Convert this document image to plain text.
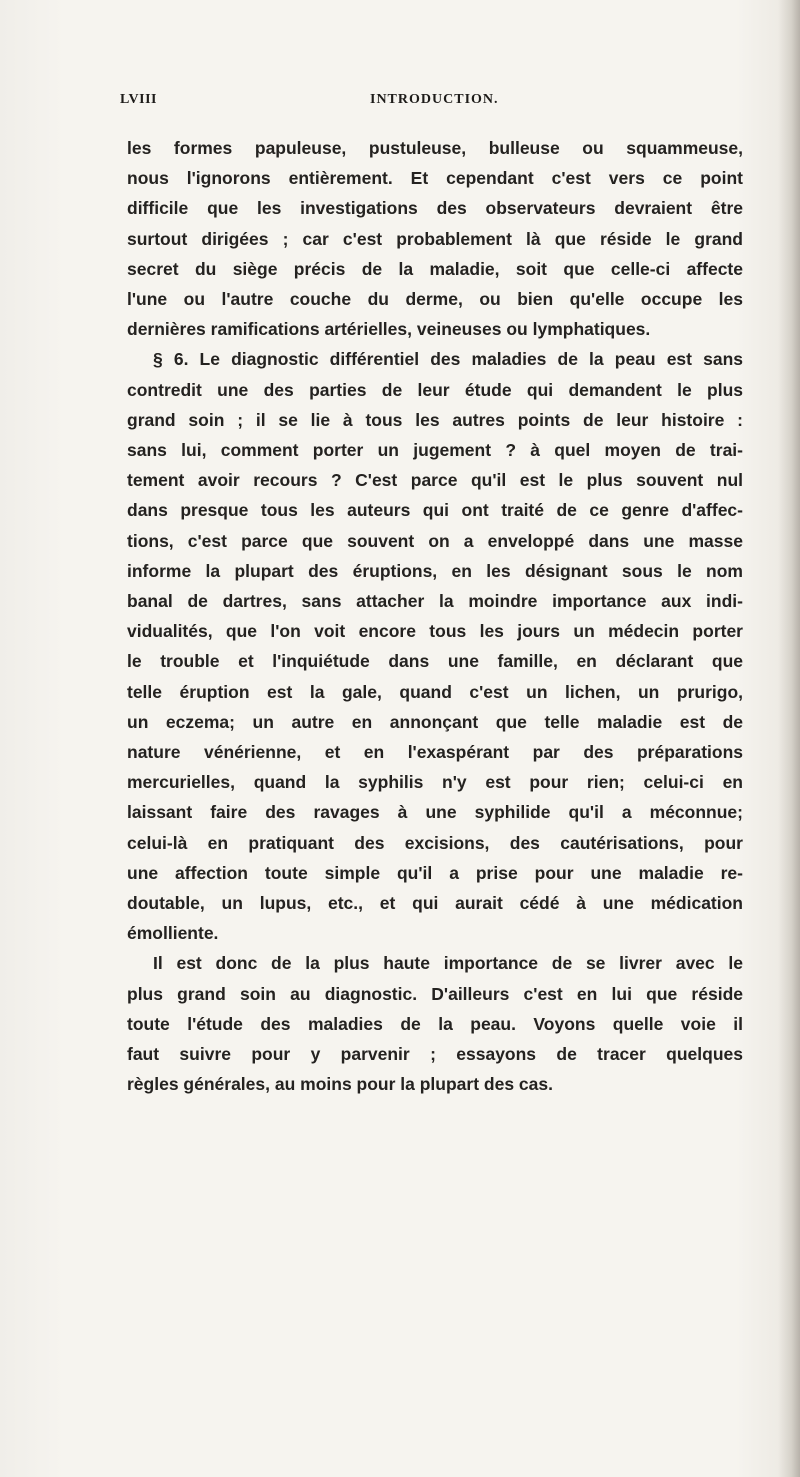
LVIII	INTRODUCTION.
les formes papuleuse, pustuleuse, bulleuse ou squammeuse,
nous l'ignorons entièrement. Et cependant c'est vers ce point
difficile que les investigations des observateurs devraient être
surtout dirigées ; car c'est probablement là que réside le grand
secret du siège précis de la maladie, soit que celle-ci affecte
l'une ou l'autre couche du derme, ou bien qu'elle occupe les
dernières ramifications artérielles, veineuses ou lymphatiques.
§ 6. Le diagnostic différentiel des maladies de la peau est sans
contredit une des parties de leur étude qui demandent le plus
grand soin ; il se lie à tous les autres points de leur histoire :
sans lui, comment porter un jugement ? à quel moyen de trai-
tement avoir recours ? C'est parce qu'il est le plus souvent nul
dans presque tous les auteurs qui ont traité de ce genre d'affec-
tions, c'est parce que souvent on a enveloppé dans une masse
informe la plupart des éruptions, en les désignant sous le nom
banal de dartres, sans attacher la moindre importance aux indi-
vidualités, que l'on voit encore tous les jours un médecin porter
le trouble et l'inquiétude dans une famille, en déclarant que
telle éruption est la gale, quand c'est un lichen, un prurigo,
un eczema; un autre en annonçant que telle maladie est de
nature vénérienne, et en l'exaspérant par des préparations
mercurielles, quand la syphilis n'y est pour rien; celui-ci en
laissant faire des ravages à une syphilide qu'il a méconnue;
celui-là en pratiquant des excisions, des cautérisations, pour
une affection toute simple qu'il a prise pour une maladie re-
doutable, un lupus, etc., et qui aurait cédé à une médication
émolliente.
Il est donc de la plus haute importance de se livrer avec le
plus grand soin au diagnostic. D'ailleurs c'est en lui que réside
toute l'étude des maladies de la peau. Voyons quelle voie il
faut suivre pour y parvenir ; essayons de tracer quelques
règles générales, au moins pour la plupart des cas.
